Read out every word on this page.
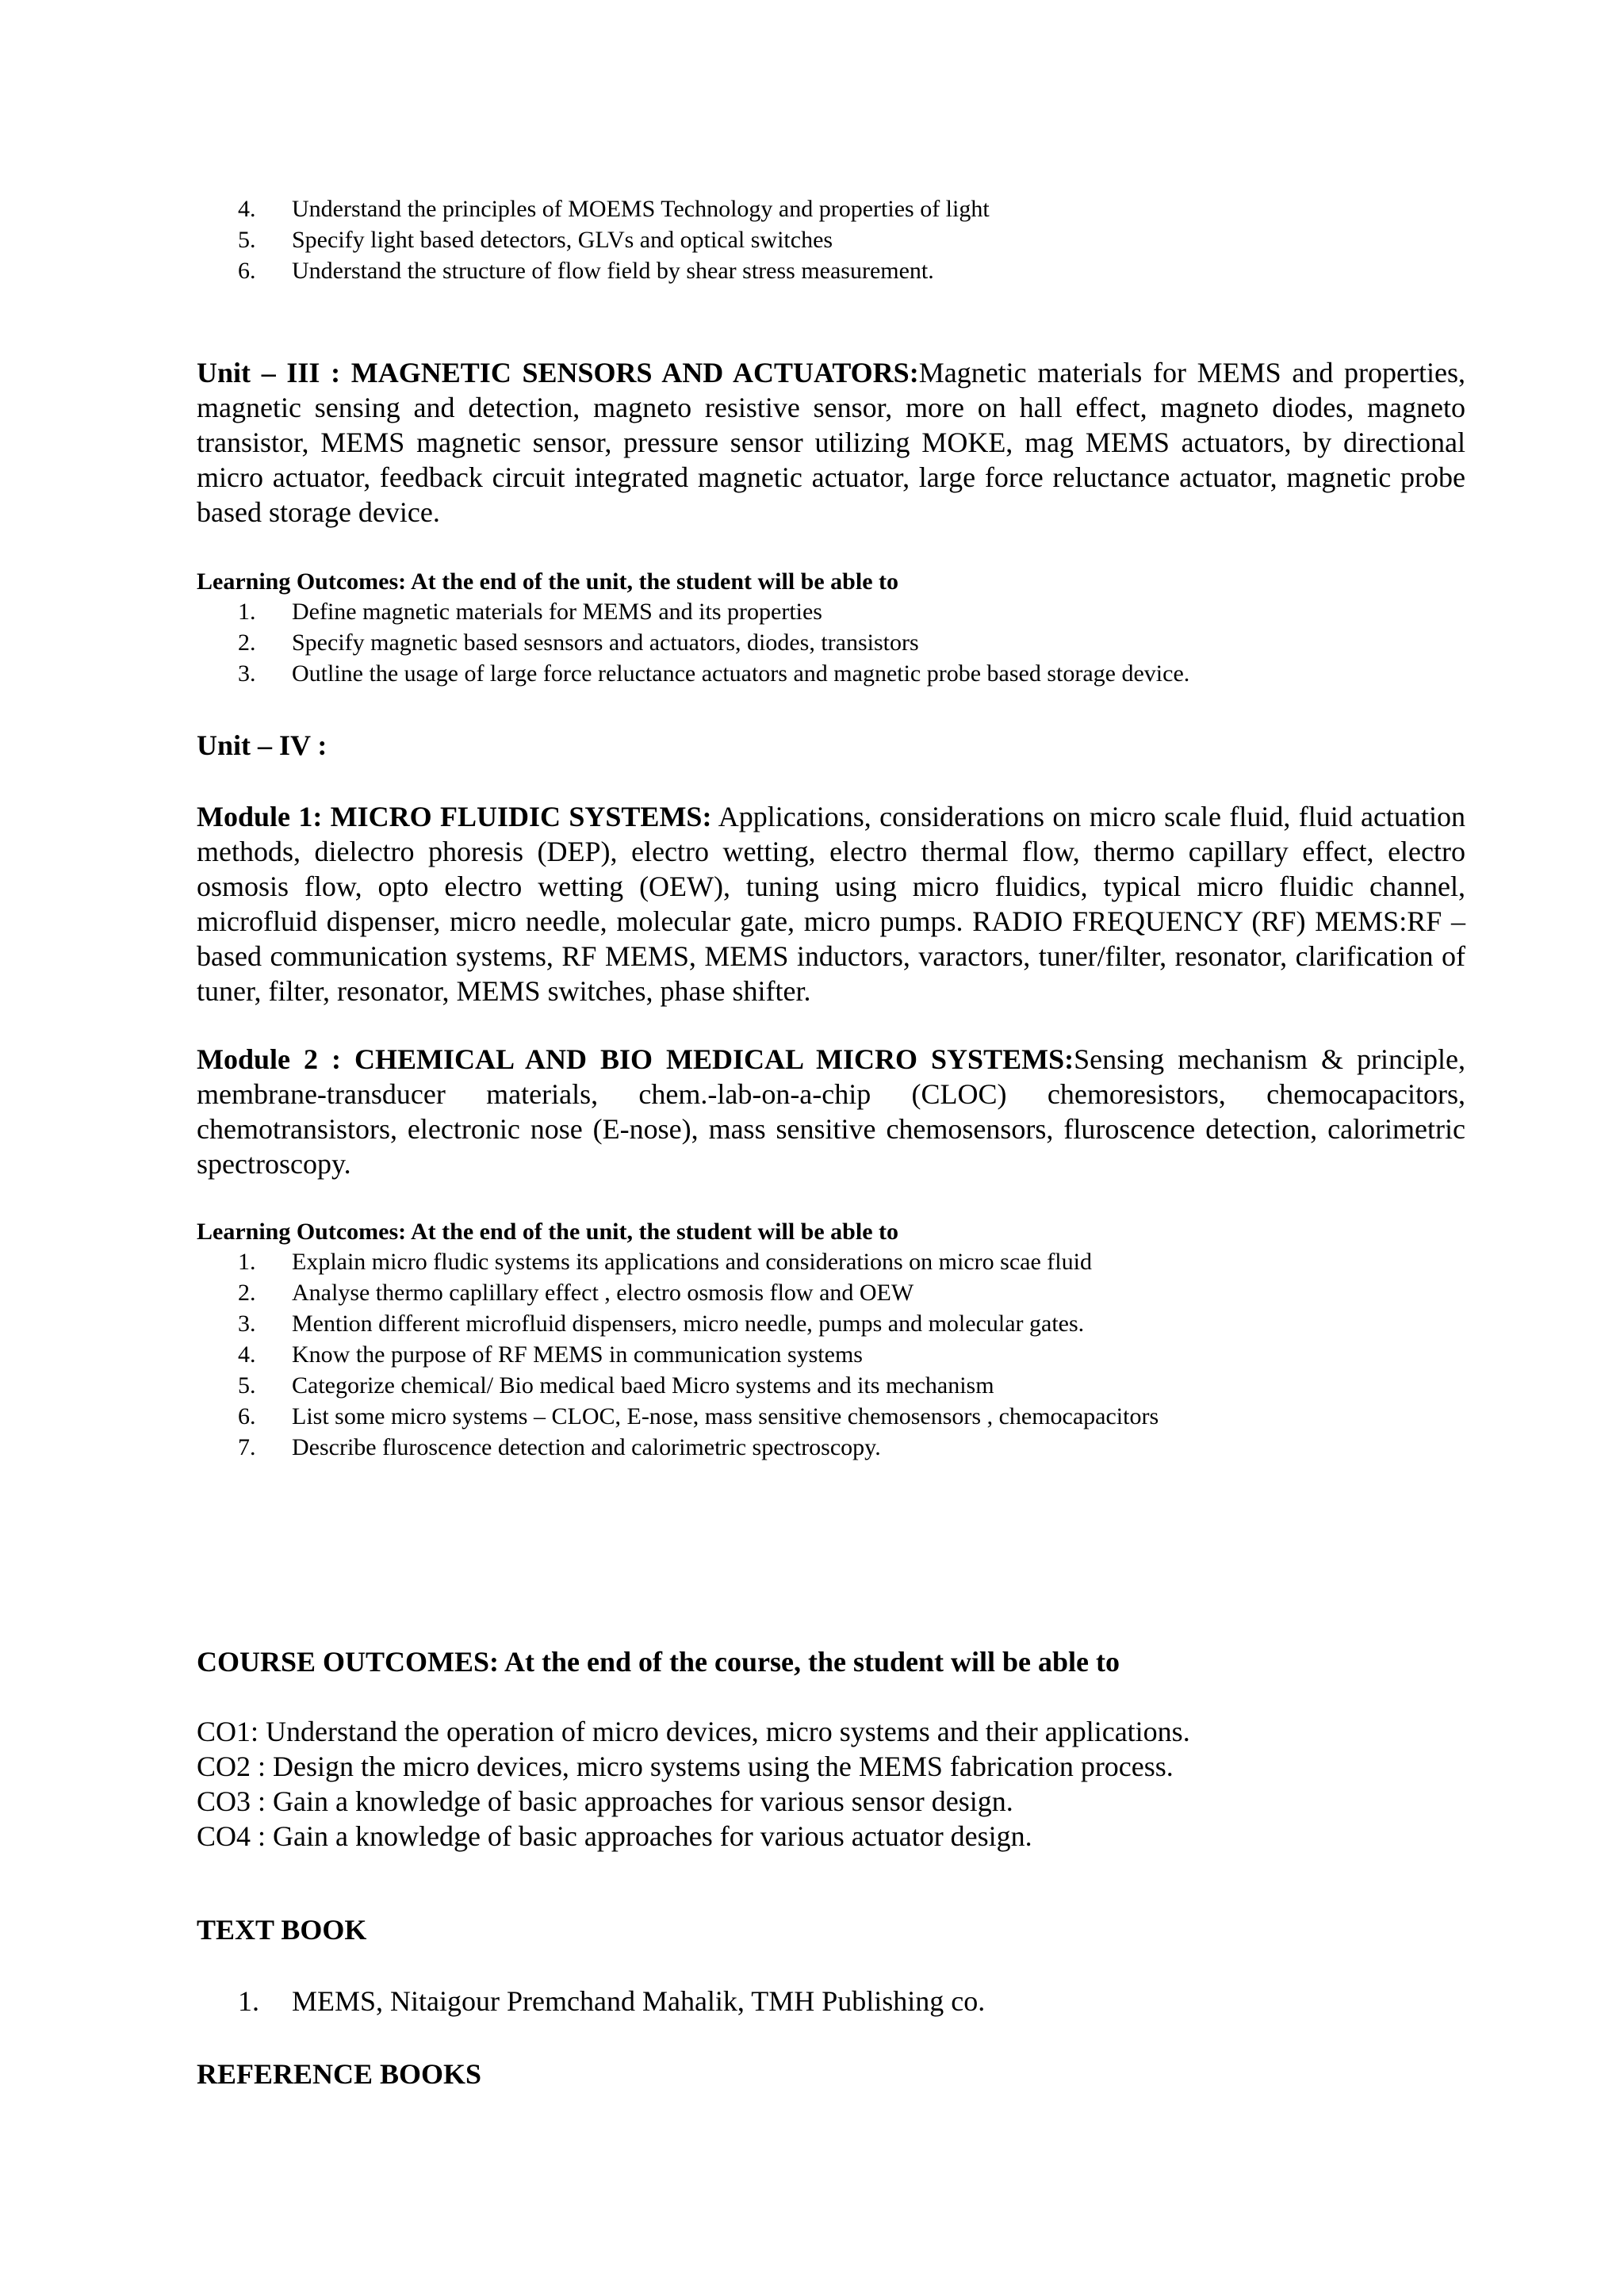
4. Understand the principles of MOEMS Technology and properties of light
5. Specify light based detectors, GLVs and optical switches
6. Understand the structure of flow field by shear stress measurement.

Unit – III : MAGNETIC SENSORS AND ACTUATORS:Magnetic materials for MEMS and properties, magnetic sensing and detection, magneto resistive sensor, more on hall effect, magneto diodes, magneto transistor, MEMS magnetic sensor, pressure sensor utilizing MOKE, mag MEMS actuators, by directional micro actuator, feedback circuit integrated magnetic actuator, large force reluctance actuator, magnetic probe based storage device.

Learning Outcomes: At the end of the unit, the student will be able to

1. Define magnetic materials for MEMS and its properties
2. Specify magnetic based sesnsors and actuators, diodes, transistors
3. Outline the usage of large force reluctance actuators and magnetic probe based storage device.

Unit – IV :

Module 1: MICRO FLUIDIC SYSTEMS: Applications, considerations on micro scale fluid, fluid actuation methods, dielectro phoresis (DEP), electro wetting, electro thermal flow, thermo capillary effect, electro osmosis flow, opto electro wetting (OEW), tuning using micro fluidics, typical micro fluidic channel, microfluid dispenser, micro needle, molecular gate, micro pumps. RADIO FREQUENCY (RF) MEMS:RF – based communication systems, RF MEMS, MEMS inductors, varactors, tuner/filter, resonator, clarification of tuner, filter, resonator, MEMS switches, phase shifter.

Module 2 : CHEMICAL AND BIO MEDICAL MICRO SYSTEMS:Sensing mechanism & principle, membrane-transducer materials, chem.-lab-on-a-chip (CLOC) chemoresistors, chemocapacitors, chemotransistors, electronic nose (E-nose), mass sensitive chemosensors, fluroscence detection, calorimetric spectroscopy.

Learning Outcomes: At the end of the unit, the student will be able to

1. Explain micro fludic systems its applications and considerations on micro scae fluid
2. Analyse thermo caplillary effect , electro osmosis flow and OEW
3. Mention different microfluid dispensers, micro needle, pumps and molecular gates.
4. Know the purpose of RF MEMS in communication systems
5. Categorize chemical/ Bio medical baed Micro systems and its mechanism
6. List some micro systems – CLOC, E-nose, mass sensitive chemosensors , chemocapacitors
7. Describe fluroscence detection and calorimetric spectroscopy.

COURSE OUTCOMES: At the end of the course, the student will be able to

CO1: Understand the operation of micro devices, micro systems and their applications.
CO2 : Design the micro devices, micro systems using the MEMS fabrication process.
CO3 : Gain a knowledge of basic approaches for various sensor design.
CO4 : Gain a knowledge of basic approaches for various actuator design.

TEXT BOOK

1. MEMS, Nitaigour Premchand Mahalik, TMH Publishing co.

REFERENCE BOOKS
